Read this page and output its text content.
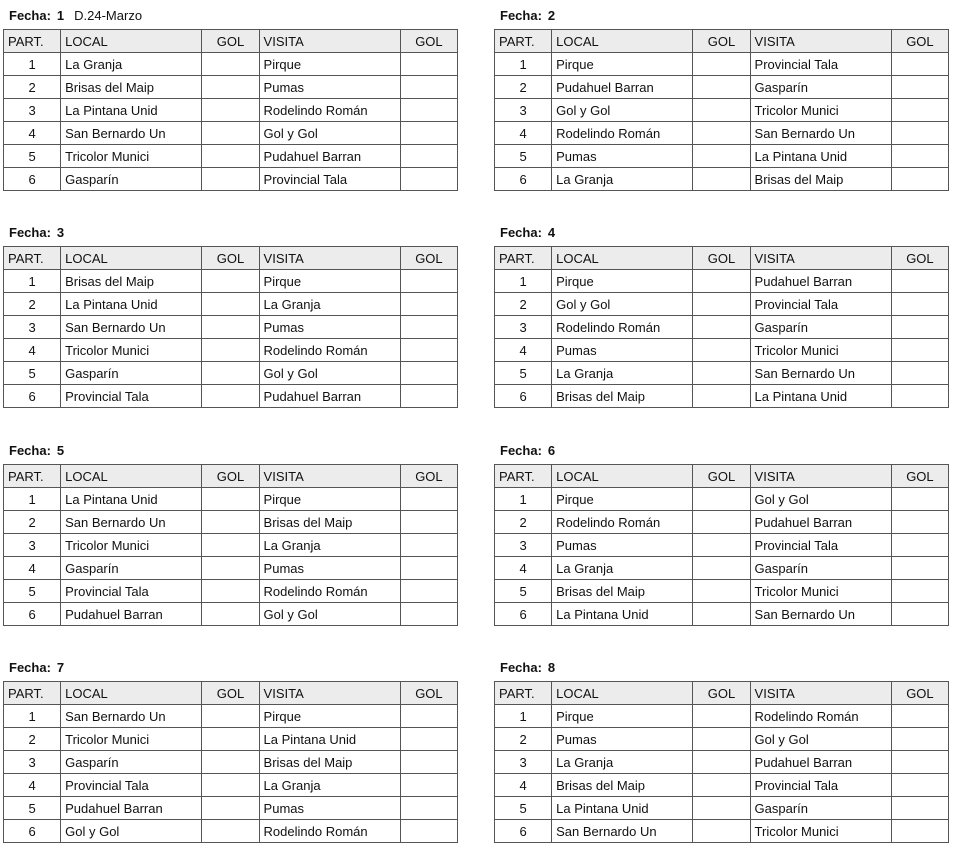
Fecha: 1 D.24-Marzo
PART.	LOCAL	GOL	VISITA	GOL
1	La Granja		Pirque	
2	Brisas del Maip		Pumas	
3	La Pintana Unid		Rodelindo Román	
4	San Bernardo Un		Gol y Gol	
5	Tricolor Munici		Pudahuel Barran	
6	Gasparín		Provincial Tala	
Fecha: 2
PART.	LOCAL	GOL	VISITA	GOL
1	Pirque		Provincial Tala	
2	Pudahuel Barran		Gasparín	
3	Gol y Gol		Tricolor Munici	
4	Rodelindo Román		San Bernardo Un	
5	Pumas		La Pintana Unid	
6	La Granja		Brisas del Maip	
Fecha: 3
PART.	LOCAL	GOL	VISITA	GOL
1	Brisas del Maip		Pirque	
2	La Pintana Unid		La Granja	
3	San Bernardo Un		Pumas	
4	Tricolor Munici		Rodelindo Román	
5	Gasparín		Gol y Gol	
6	Provincial Tala		Pudahuel Barran	
Fecha: 4
PART.	LOCAL	GOL	VISITA	GOL
1	Pirque		Pudahuel Barran	
2	Gol y Gol		Provincial Tala	
3	Rodelindo Román		Gasparín	
4	Pumas		Tricolor Munici	
5	La Granja		San Bernardo Un	
6	Brisas del Maip		La Pintana Unid	
Fecha: 5
PART.	LOCAL	GOL	VISITA	GOL
1	La Pintana Unid		Pirque	
2	San Bernardo Un		Brisas del Maip	
3	Tricolor Munici		La Granja	
4	Gasparín		Pumas	
5	Provincial Tala		Rodelindo Román	
6	Pudahuel Barran		Gol y Gol	
Fecha: 6
PART.	LOCAL	GOL	VISITA	GOL
1	Pirque		Gol y Gol	
2	Rodelindo Román		Pudahuel Barran	
3	Pumas		Provincial Tala	
4	La Granja		Gasparín	
5	Brisas del Maip		Tricolor Munici	
6	La Pintana Unid		San Bernardo Un	
Fecha: 7
PART.	LOCAL	GOL	VISITA	GOL
1	San Bernardo Un		Pirque	
2	Tricolor Munici		La Pintana Unid	
3	Gasparín		Brisas del Maip	
4	Provincial Tala		La Granja	
5	Pudahuel Barran		Pumas	
6	Gol y Gol		Rodelindo Román	
Fecha: 8
PART.	LOCAL	GOL	VISITA	GOL
1	Pirque		Rodelindo Román	
2	Pumas		Gol y Gol	
3	La Granja		Pudahuel Barran	
4	Brisas del Maip		Provincial Tala	
5	La Pintana Unid		Gasparín	
6	San Bernardo Un		Tricolor Munici	
